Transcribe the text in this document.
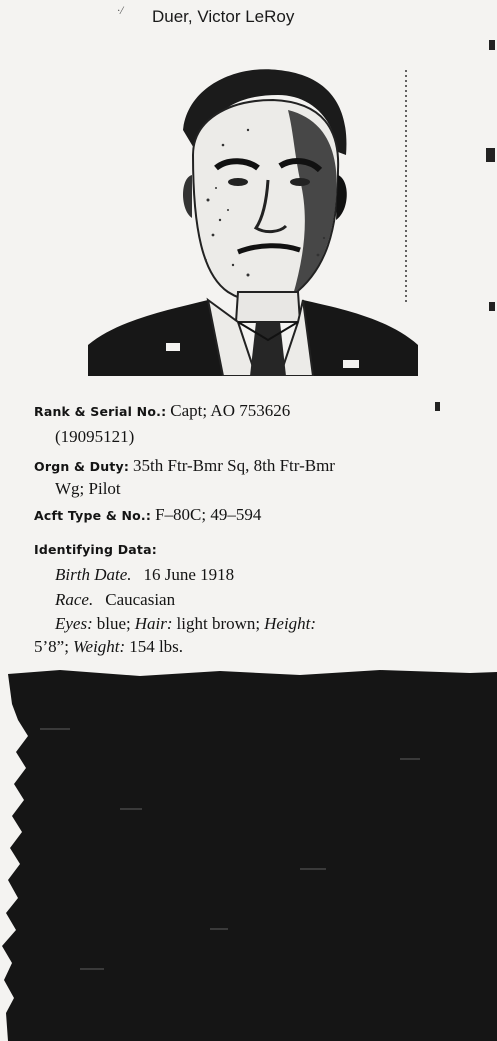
·/ Duer, Victor LeRoy
Rank & Serial No.: Capt; AO 753626
(19095121)
Orgn & Duty: 35th Ftr-Bmr Sq, 8th Ftr-Bmr
Wg; Pilot
Acft Type & No.: F–80C; 49–594
Identifying Data:
Birth Date. 16 June 1918
Race. Caucasian
Eyes: blue; Hair: light brown; Height:
5’8”; Weight: 154 lbs.
